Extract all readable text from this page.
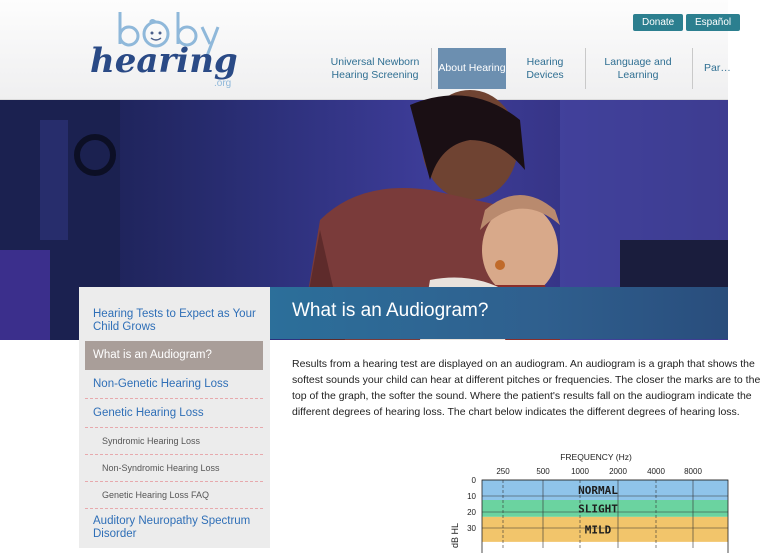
hearing
.org
Donate	Español
Universal Newborn Hearing Screening
About Hearing
Hearing Devices
Language and Learning
Par…
What is an Audiogram?
Hearing Tests to Expect as Your Child Grows
What is an Audiogram?
Non-Genetic Hearing Loss
Genetic Hearing Loss
Syndromic Hearing Loss
Non-Syndromic Hearing Loss
Genetic Hearing Loss FAQ
Auditory Neuropathy Spectrum Disorder

Results from a hearing test are displayed on an audiogram. An audiogram is a graph that shows the softest sounds your child can hear at different pitches or frequencies. The closer the marks are to the top of the graph, the softer the sound. Where the patient's results fall on the audiogram indicate the different degrees of hearing loss. The chart below indicates the different degrees of hearing loss.

FREQUENCY (Hz)
dB HL
NORMAL
SLIGHT
MILD
250	500	1000	2000	4000 8000
0
10
20
30
